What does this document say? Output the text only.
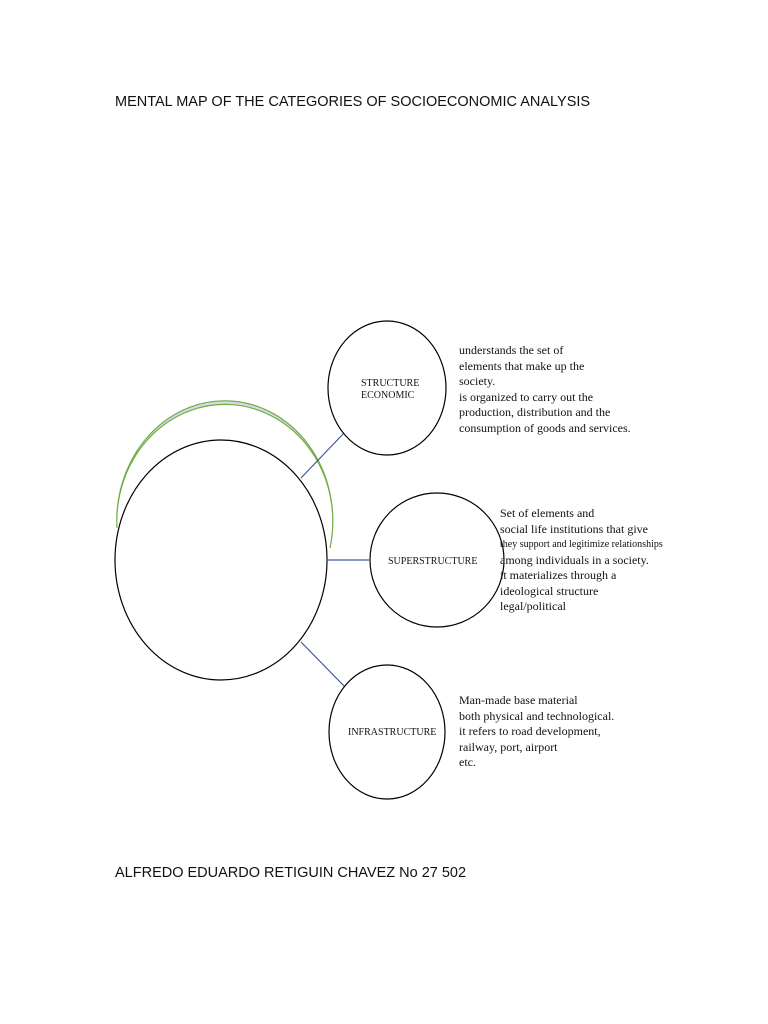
MENTAL MAP OF THE CATEGORIES OF SOCIOECONOMIC ANALYSIS
STRUCTURE
ECONOMIC
SUPERSTRUCTURE
INFRASTRUCTURE
understands the set of
elements that make up the
society.
is organized to carry out the
production, distribution and the
consumption of goods and services.
Set of elements and
social life institutions that give
they support and legitimize relationships
among individuals in a society.
it materializes through a
ideological structure
legal/political
Man-made base material
both physical and technological.
it refers to road development,
railway, port, airport
etc.
ALFREDO EDUARDO RETIGUIN CHAVEZ No 27 502
